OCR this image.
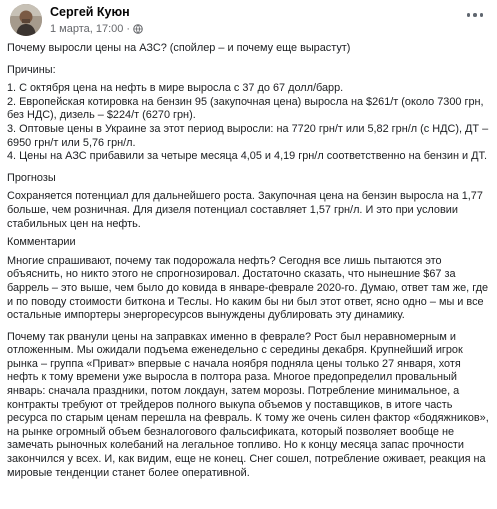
Сергей Куюн
1 марта, 17:00 ·

Почему выросли цены на АЗС? (спойлер – и почему еще вырастут)

Причины:

1. С октября цена на нефть в мире выросла с 37 до 67 долл/барр.

2. Европейская котировка на бензин 95 (закупочная цена) выросла на $261/т (около 7300 грн, без НДС), дизель – $224/т (6270 грн).

3. Оптовые цены в Украине за этот период выросли: на 7720 грн/т или 5,82 грн/л (с НДС), ДТ – 6950 грн/т или 5,76 грн/л.

4. Цены на АЗС прибавили за четыре месяца 4,05 и 4,19 грн/л соответственно на бензин и ДТ.

Прогнозы

Сохраняется потенциал для дальнейшего роста. Закупочная цена на бензин выросла на 1,77 больше, чем розничная. Для дизеля потенциал составляет 1,57 грн/л. И это при условии стабильных цен на нефть.

Комментарии

Многие спрашивают, почему так подорожала нефть? Сегодня все лишь пытаются это объяснить, но никто этого не спрогнозировал. Достаточно сказать, что нынешние $67 за баррель – это выше, чем было до ковида в январе-феврале 2020-го. Думаю, ответ там же, где и по поводу стоимости биткона и Теслы. Но каким бы ни был этот ответ, ясно одно – мы и все остальные импортеры энергоресурсов вынуждены дублировать эту динамику.

Почему так рванули цены на заправках именно в феврале? Рост был неравномерным и отложенным. Мы ожидали подъема еженедельно с середины декабря. Крупнейший игрок рынка – группа «Приват» впервые с начала ноября подняла цены только 27 января, хотя нефть к тому времени уже выросла в полтора раза. Многое предопределил провальный январь: сначала праздники, потом локдаун, затем морозы. Потребление минимальное, а контракты требуют от трейдеров полного выкупа объемов у поставщиков, в итоге часть ресурса по старым ценам перешла на февраль. К тому же очень силен фактор «бодяжников», на рынке огромный объем безналогового фальсификата, который позволяет вообще не замечать рыночных колебаний на легальное топливо. Но к концу месяца запас прочности закончился у всех. И, как видим, еще не конец. Снег сошел, потребление оживает, реакция на мировые тенденции станет более оперативной.
